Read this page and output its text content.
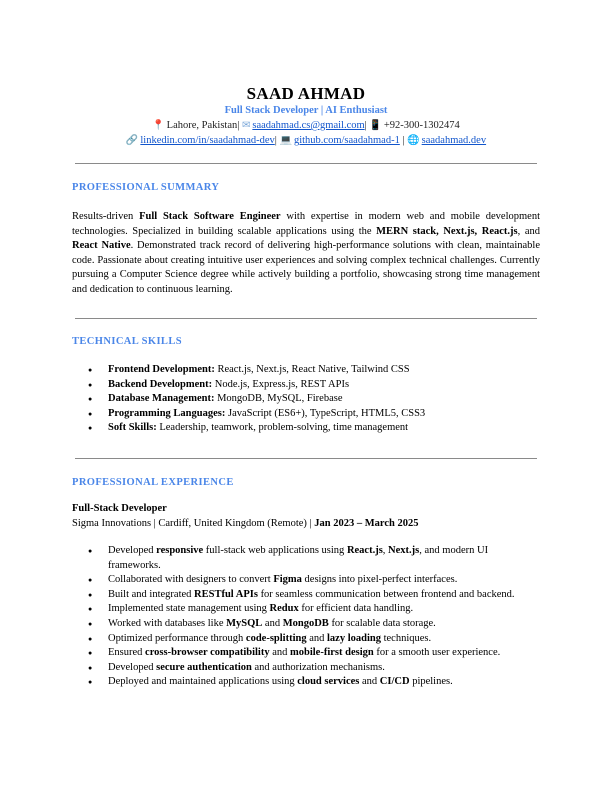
SAAD AHMAD
Full Stack Developer | AI Enthusiast
📍 Lahore, Pakistan| ✉ saadahmad.cs@gmail.com| 📱 +92-300-1302474
🔗 linkedin.com/in/saadahmad-dev| 💻 github.com/saadahmad-1 | 🌐 saadahmad.dev
PROFESSIONAL SUMMARY
Results-driven Full Stack Software Engineer with expertise in modern web and mobile development technologies. Specialized in building scalable applications using the MERN stack, Next.js, React.js, and React Native. Demonstrated track record of delivering high-performance solutions with clean, maintainable code. Passionate about creating intuitive user experiences and solving complex technical challenges. Currently pursuing a Computer Science degree while actively building a portfolio, showcasing strong time management and dedication to continuous learning.
TECHNICAL SKILLS
● Frontend Development: React.js, Next.js, React Native, Tailwind CSS
● Backend Development: Node.js, Express.js, REST APIs
● Database Management: MongoDB, MySQL, Firebase
● Programming Languages: JavaScript (ES6+), TypeScript, HTML5, CSS3
● Soft Skills: Leadership, teamwork, problem-solving, time management
PROFESSIONAL EXPERIENCE
Full-Stack Developer
Sigma Innovations | Cardiff, United Kingdom (Remote) | Jan 2023 – March 2025
● Developed responsive full-stack web applications using React.js, Next.js, and modern UI frameworks.
● Collaborated with designers to convert Figma designs into pixel-perfect interfaces.
● Built and integrated RESTful APIs for seamless communication between frontend and backend.
● Implemented state management using Redux for efficient data handling.
● Worked with databases like MySQL and MongoDB for scalable data storage.
● Optimized performance through code-splitting and lazy loading techniques.
● Ensured cross-browser compatibility and mobile-first design for a smooth user experience.
● Developed secure authentication and authorization mechanisms.
● Deployed and maintained applications using cloud services and CI/CD pipelines.
